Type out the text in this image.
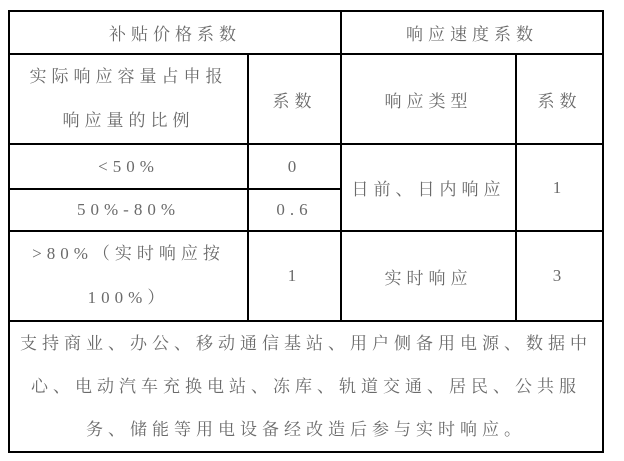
补贴价格系数		响应速度系数	

实际响应容量占申报
响应量的比例	系数	响应类型	系数
<50%	0	日前、日内响应	1
50%-80%	0.6		

>80%（实时响应按
100%）	1	实时响应	3
支持商业、办公、移动通信基站、用户侧备用电源、数据中心、电动汽车充换电站、冻库、轨道交通、居民、公共服务、储能等用电设备经改造后参与实时响应。			
